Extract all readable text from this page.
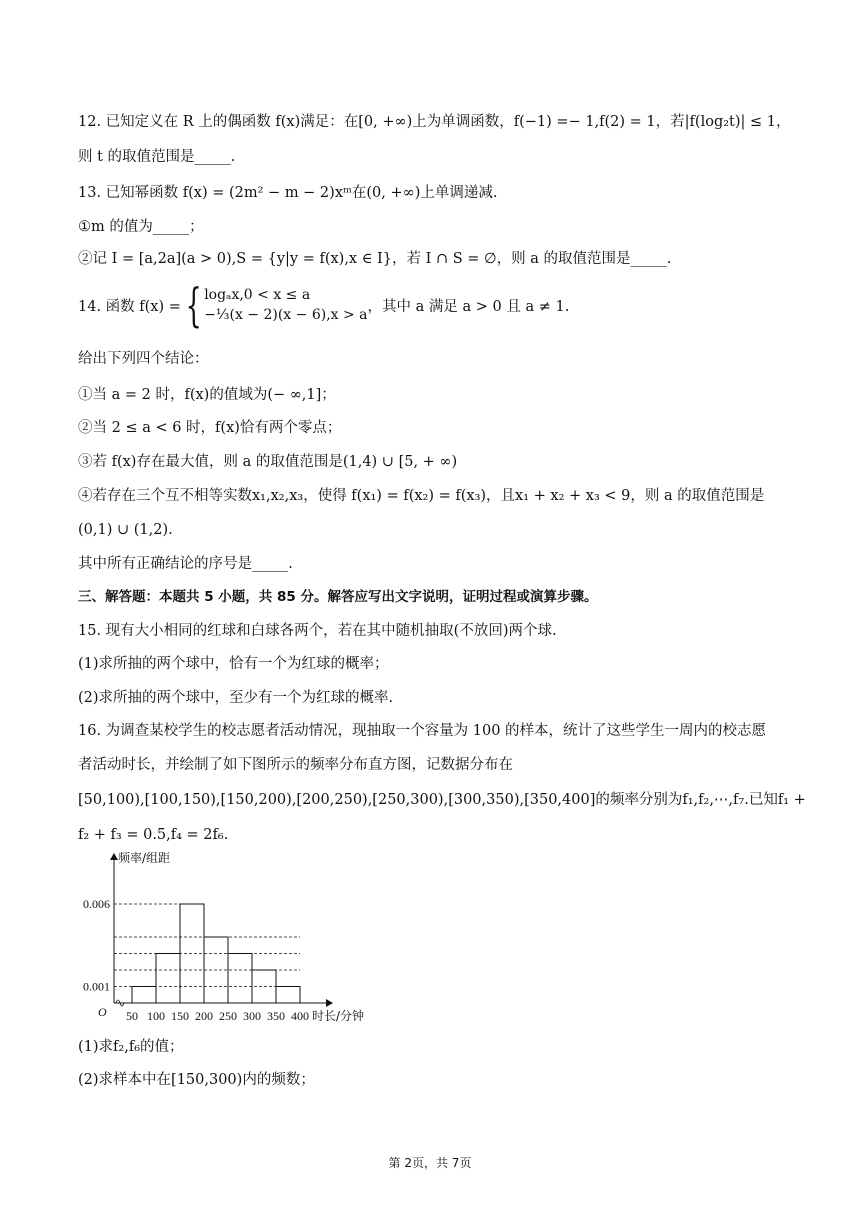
12. 已知定义在 R 上的偶函数 f(x)满足：在[0, +∞)上为单调函数，f(−1) =− 1,f(2) = 1，若|f(log₂t)| ≤ 1，
则 t 的取值范围是_____.
13. 已知幂函数 f(x) = (2m² − m − 2)xᵐ在(0, +∞)上单调递减.
①m 的值为_____；
②记 I = [a,2a](a > 0),S = {y|y = f(x),x ∈ I}，若 I ∩ S = ∅，则 a 的取值范围是_____.
14. 函数 f(x) = { logₐx,0 < x ≤ a
−⅓(x − 2)(x − 6),x > a
，其中 a 满足 a > 0 且 a ≠ 1.
给出下列四个结论：
①当 a = 2 时，f(x)的值域为(− ∞,1]；
②当 2 ≤ a < 6 时，f(x)恰有两个零点；
③若 f(x)存在最大值，则 a 的取值范围是(1,4) ∪ [5, + ∞)
④若存在三个互不相等实数x₁,x₂,x₃，使得 f(x₁) = f(x₂) = f(x₃)，且x₁ + x₂ + x₃ < 9，则 a 的取值范围是
(0,1) ∪ (1,2).
其中所有正确结论的序号是_____.
三、解答题：本题共 5 小题，共 85 分。解答应写出文字说明，证明过程或演算步骤。
15. 现有大小相同的红球和白球各两个，若在其中随机抽取(不放回)两个球.
(1)求所抽的两个球中，恰有一个为红球的概率；
(2)求所抽的两个球中，至少有一个为红球的概率.
16. 为调查某校学生的校志愿者活动情况，现抽取一个容量为 100 的样本，统计了这些学生一周内的校志愿
者活动时长，并绘制了如下图所示的频率分布直方图，记数据分布在
[50,100),[100,150),[150,200),[200,250),[250,300),[300,350),[350,400]的频率分别为f₁,f₂,⋯,f₇.已知f₁ +
f₂ + f₃ = 0.5,f₄ = 2f₆.
频率/组距
时长/分钟
O 50 100 150 200 250 300 350 400
0.006
0.001
(1)求f₂,f₆的值；
(2)求样本中在[150,300)内的频数；
第 2页，共 7页
